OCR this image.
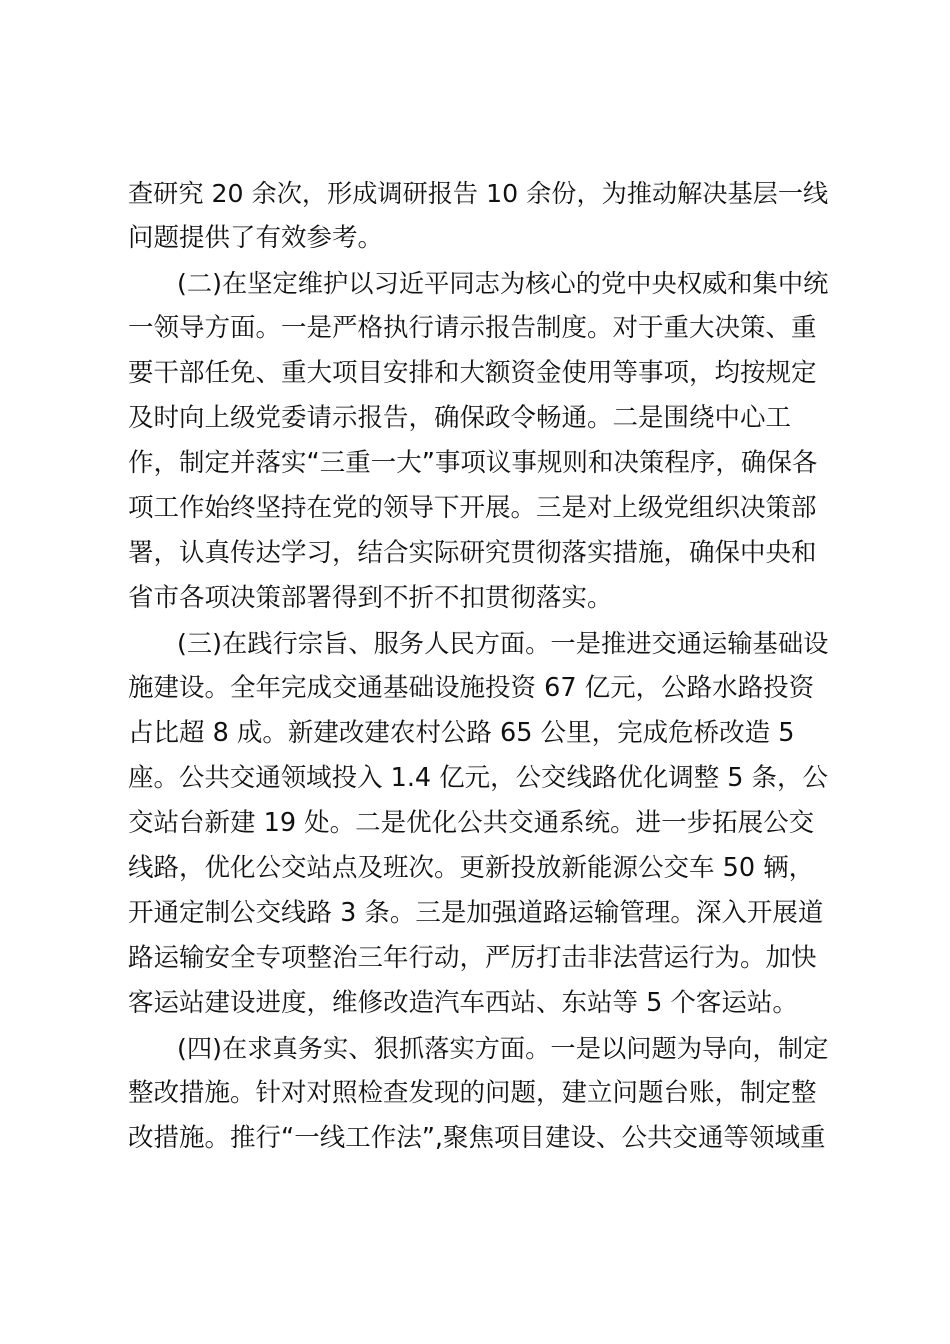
查研究 20 余次，形成调研报告 10 余份，为推动解决基层一线
问题提供了有效参考。
(二)在坚定维护以习近平同志为核心的党中央权威和集中统
一领导方面。一是严格执行请示报告制度。对于重大决策、重
要干部任免、重大项目安排和大额资金使用等事项，均按规定
及时向上级党委请示报告，确保政令畅通。二是围绕中心工
作，制定并落实“三重一大”事项议事规则和决策程序，确保各
项工作始终坚持在党的领导下开展。三是对上级党组织决策部
署，认真传达学习，结合实际研究贯彻落实措施，确保中央和
省市各项决策部署得到不折不扣贯彻落实。
(三)在践行宗旨、服务人民方面。一是推进交通运输基础设
施建设。全年完成交通基础设施投资 67 亿元，公路水路投资
占比超 8 成。新建改建农村公路 65 公里，完成危桥改造 5
座。公共交通领域投入 1.4 亿元，公交线路优化调整 5 条，公
交站台新建 19 处。二是优化公共交通系统。进一步拓展公交
线路，优化公交站点及班次。更新投放新能源公交车 50 辆，
开通定制公交线路 3 条。三是加强道路运输管理。深入开展道
路运输安全专项整治三年行动，严厉打击非法营运行为。加快
客运站建设进度，维修改造汽车西站、东站等 5 个客运站。
(四)在求真务实、狠抓落实方面。一是以问题为导向，制定
整改措施。针对对照检查发现的问题，建立问题台账，制定整
改措施。推行“一线工作法”,聚焦项目建设、公共交通等领域重
